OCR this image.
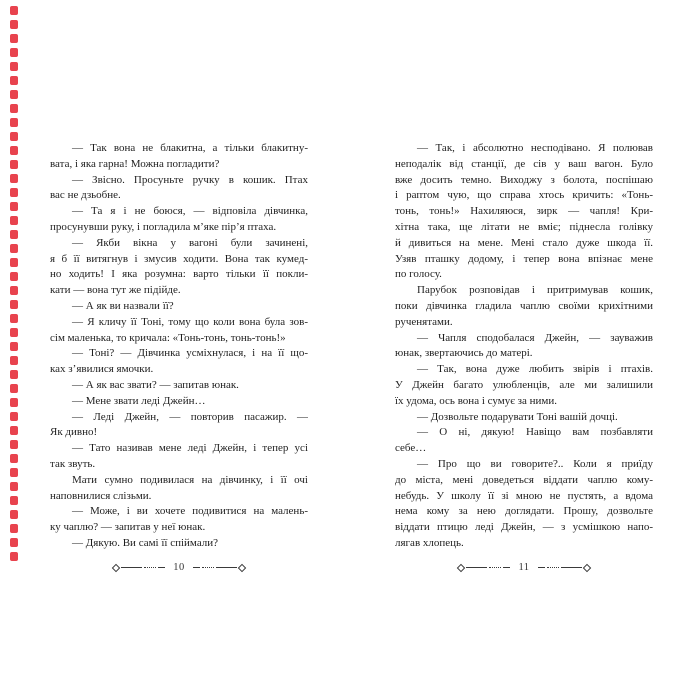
— Так вона не блакитна, а тільки блакитну-
вата, і яка гарна! Можна погладити?
— Звісно. Просуньте ручку в кошик. Птах
вас не дзьобне.
— Та я і не боюся, — відповіла дівчинка,
просунувши руку, і погладила м’яке пір’я птаха.
— Якби вікна у вагоні були зачинені,
я б її витягнув і змусив ходити. Вона так кумед-
но ходить! І яка розумна: варто тільки її покли-
кати — вона тут же підійде.
— А як ви назвали її?
— Я кличу її Тоні, тому що коли вона була зов-
сім маленька, то кричала: «Тонь-тонь, тонь-тонь!»
— Тоні? — Дівчинка усміхнулася, і на її що-
ках з’явилися ямочки.
— А як вас звати? — запитав юнак.
— Мене звати леді Джейн…
— Леді Джейн, — повторив пасажир. —
Як дивно!
— Тато називав мене леді Джейн, і тепер усі
так звуть.
Мати сумно подивилася на дівчинку, і її очі
наповнилися слізьми.
— Може, і ви хочете подивитися на малень-
ку чаплю? — запитав у неї юнак.
— Дякую. Ви самі її спіймали?
10
— Так, і абсолютно несподівано. Я полював
неподалік від станції, де сів у ваш вагон. Було
вже досить темно. Виходжу з болота, поспішаю
і раптом чую, що справа хтось кричить: «Тонь-
тонь, тонь!» Нахиляюся, зирк — чапля! Кри-
хітна така, ще літати не вміє; піднесла голівку
й дивиться на мене. Мені стало дуже шкода її.
Узяв пташку додому, і тепер вона впізнає мене
по голосу.
Парубок розповідав і притримував кошик,
поки дівчинка гладила чаплю своїми крихітними
рученятами.
— Чапля сподобалася Джейн, — зауважив
юнак, звертаючись до матері.
— Так, вона дуже любить звірів і птахів.
У Джейн багато улюбленців, але ми залишили
їх удома, ось вона і сумує за ними.
— Дозвольте подарувати Тоні вашій дочці.
— О ні, дякую! Навіщо вам позбавляти
себе…
— Про що ви говорите?.. Коли я приїду
до міста, мені доведеться віддати чаплю кому-
небудь. У школу її зі мною не пустять, а вдома
нема кому за нею доглядати. Прошу, дозвольте
віддати птицю леді Джейн, — з усмішкою напо-
лягав хлопець.
11
